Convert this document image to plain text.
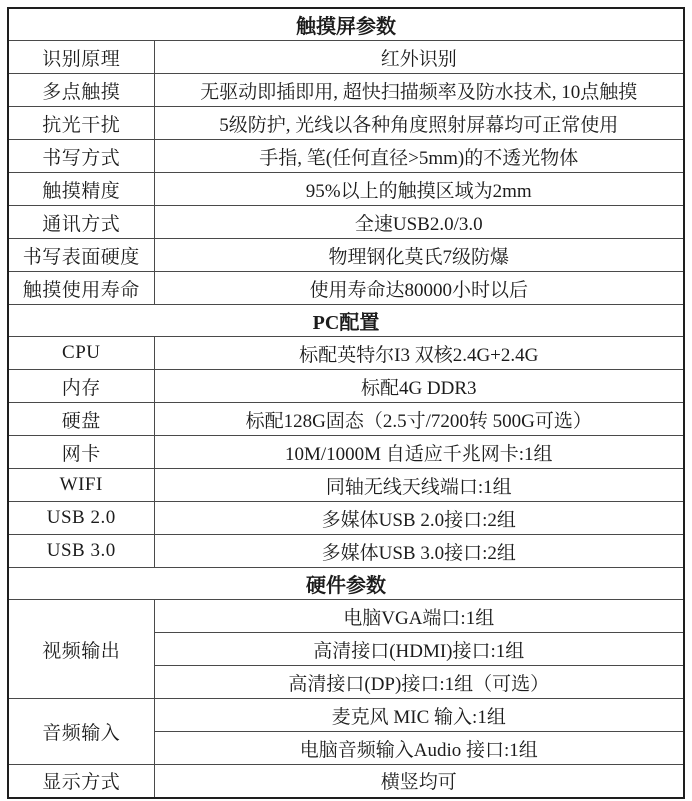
触摸屏参数	
识别原理	红外识别
多点触摸	无驱动即插即用, 超快扫描频率及防水技术, 10点触摸
抗光干扰	5级防护, 光线以各种角度照射屏幕均可正常使用
书写方式	手指, 笔(任何直径>5mm)的不透光物体
触摸精度	95%以上的触摸区域为2mm
通讯方式	全速USB2.0/3.0
书写表面硬度	物理钢化莫氏7级防爆
触摸使用寿命	使用寿命达80000小时以后
PC配置	
CPU	标配英特尔I3 双核2.4G+2.4G
内存	标配4G DDR3
硬盘	标配128G固态（2.5寸/7200转 500G可选）
网卡	10M/1000M 自适应千兆网卡:1组
WIFI	同轴无线天线端口:1组
USB 2.0	多媒体USB 2.0接口:2组
USB 3.0	多媒体USB 3.0接口:2组
硬件参数	
视频输出	电脑VGA端口:1组
	高清接口(HDMI)接口:1组
	高清接口(DP)接口:1组（可选）
音频输入	麦克风 MIC 输入:1组
	电脑音频输入Audio 接口:1组
显示方式	横竖均可
